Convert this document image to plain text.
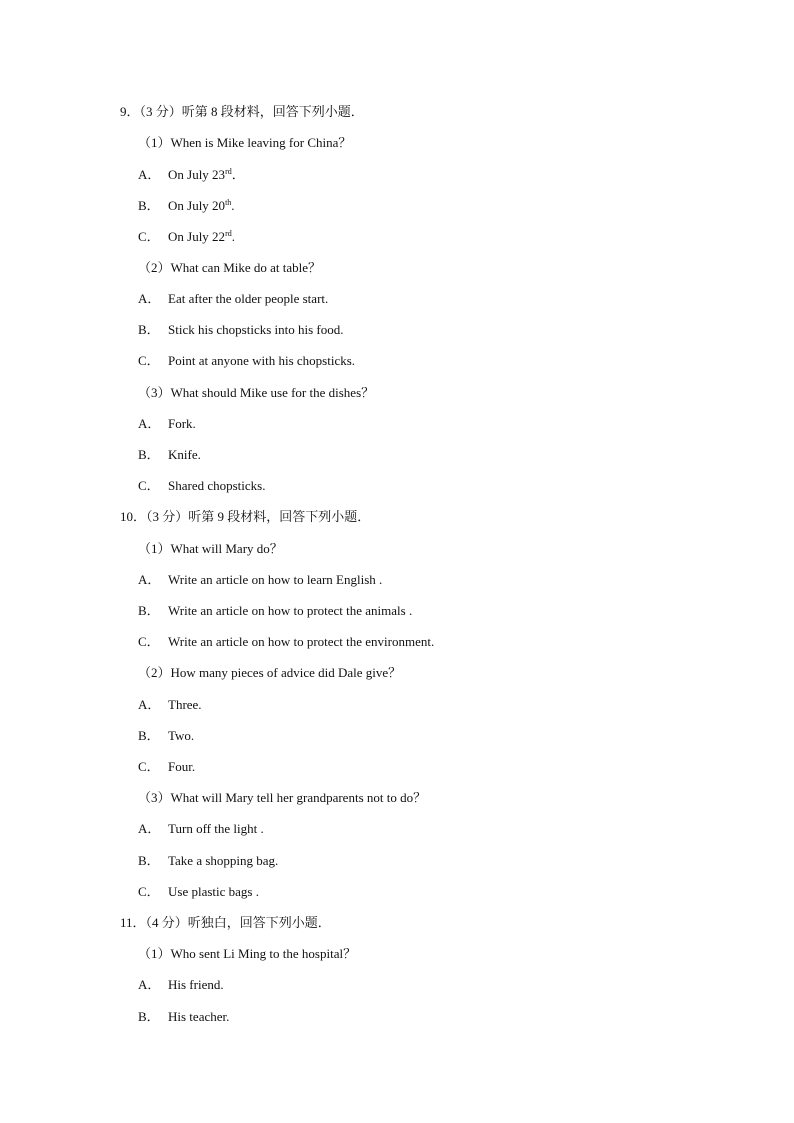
9．（3 分）听第 8 段材料，回答下列小题．
（1）When is Mike leaving for China？
A． On July 23rd．
B． On July 20th.
C． On July 22rd.
（2）What can Mike do at table？
A． Eat after the older people start.
B． Stick his chopsticks into his food.
C． Point at anyone with his chopsticks.
（3）What should Mike use for the dishes？
A． Fork.
B． Knife.
C． Shared chopsticks.
10．（3 分）听第 9 段材料，回答下列小题．
（1）What will Mary do？
A． Write an article on how to learn English .
B． Write an article on how to protect the animals .
C． Write an article on how to protect the environment.
（2）How many pieces of advice did Dale give？
A． Three.
B． Two.
C． Four.
（3）What will Mary tell her grandparents not to do？
A． Turn off the light .
B． Take a shopping bag.
C． Use plastic bags .
11．（4 分）听独白，回答下列小题．
（1）Who sent Li Ming to the hospital？
A． His friend.
B． His teacher.
